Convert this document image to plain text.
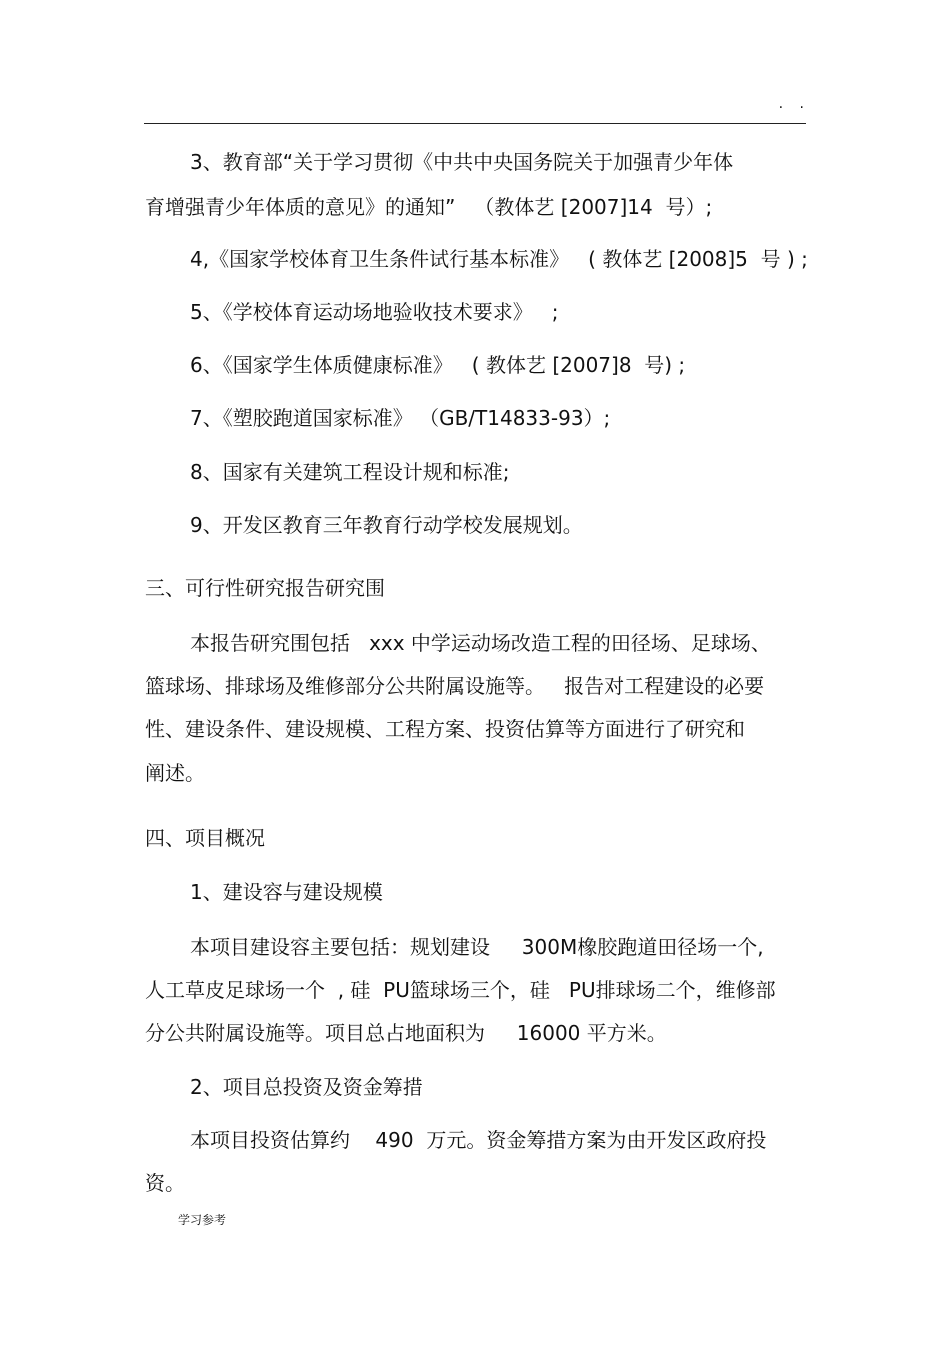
. .
3、教育部“关于学习贯彻《中共中央国务院关于加强青少年体
育增强青少年体质的意见》的通知”   （教体艺 [2007]14  号）;
4,《国家学校体育卫生条件试行基本标准》   ( 教体艺 [2008]5  号 ) ;
5、《学校体育运动场地验收技术要求》   ;
6、《国家学生体质健康标准》   ( 教体艺 [2007]8  号) ;
7、《塑胶跑道国家标准》 （GB/T14833-93）;
8、国家有关建筑工程设计规和标准;
9、开发区教育三年教育行动学校发展规划。
三、可行性研究报告研究围
本报告研究围包括   xxx 中学运动场改造工程的田径场、足球场、
篮球场、排球场及维修部分公共附属设施等。   报告对工程建设的必要
性、建设条件、建设规模、工程方案、投资估算等方面进行了研究和
阐述。
四、项目概况
1、建设容与建设规模
本项目建设容主要包括：规划建设     300M橡胶跑道田径场一个,
人工草皮足球场一个  , 硅  PU篮球场三个，硅   PU排球场二个，维修部
分公共附属设施等。项目总占地面积为     16000 平方米。
2、项目总投资及资金筹措
本项目投资估算约    490  万元。资金筹措方案为由开发区政府投
资。
学习参考
